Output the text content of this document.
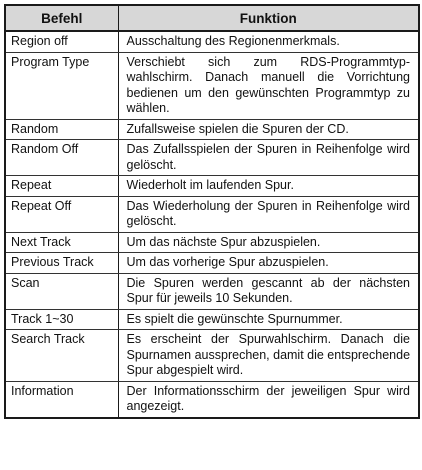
Befehl	Funktion
Region off	Ausschaltung des Regionenmerkmals.
Program Type	Verschiebt sich zum RDS-Programmtyp-wahlschirm. Danach manuell die Vorrichtung bedienen um den gewünschten Programmtyp zu wählen.
Random	Zufallsweise spielen die Spuren der CD.
Random Off	Das Zufallsspielen der Spuren in Reihenfolge wird gelöscht.
Repeat	Wiederholt im laufenden Spur.
Repeat Off	Das Wiederholung der Spuren in Reihenfolge wird gelöscht.
Next Track	Um das nächste Spur abzuspielen.
Previous Track	Um das vorherige Spur abzuspielen.
Scan	Die Spuren werden gescannt ab der nächsten Spur für jeweils 10 Sekunden.
Track 1~30	Es spielt die gewünschte Spurnummer.
Search Track	Es erscheint der Spurwahlschirm. Danach die Spurnamen aussprechen, damit die entsprechende Spur abgespielt wird.
Information	Der Informationsschirm der jeweiligen Spur wird angezeigt.
